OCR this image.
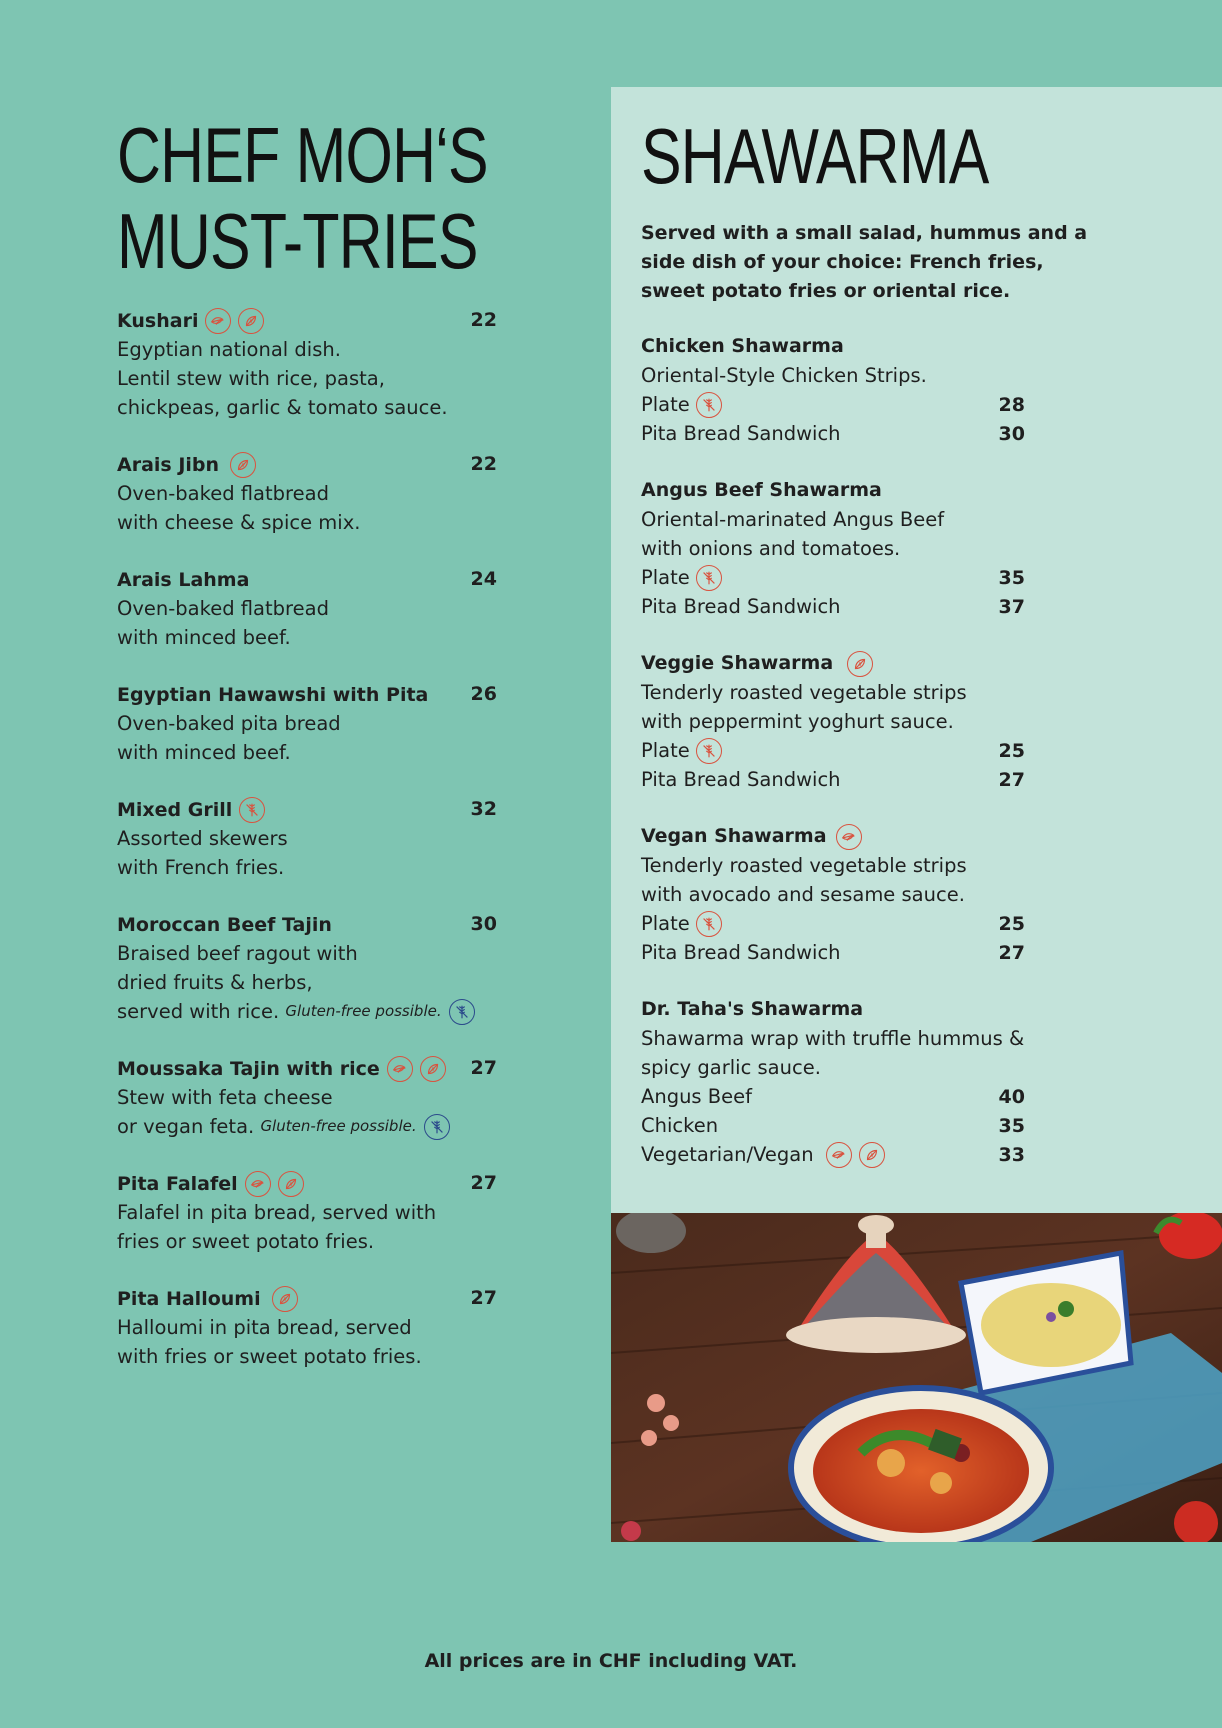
CHEF MOH‘S
MUST-TRIES
Kushari	22
Egyptian national dish.
Lentil stew with rice, pasta,
chickpeas, garlic & tomato sauce.
Arais Jibn	22
Oven-baked flatbread
with cheese & spice mix.
Arais Lahma	24
Oven-baked flatbread
with minced beef.
Egyptian Hawawshi with Pita 26
Oven-baked pita bread
with minced beef.
Mixed Grill	32
Assorted skewers
with French fries.
Moroccan Beef Tajin	30
Braised beef ragout with
dried fruits & herbs,
served with rice.
Gluten-free possible.
Moussaka Tajin with rice	27
Stew with feta cheese
or vegan feta.
Gluten-free possible.
Pita Falafel	27
Falafel in pita bread, served with
fries or sweet potato fries.
Pita Halloumi	27
Halloumi in pita bread, served
with fries or sweet potato fries.
SHAWARMA
Served with a small salad, hummus and a side dish of your choice: French fries, sweet potato fries or oriental rice.
Chicken Shawarma
Oriental-Style Chicken Strips.
Plate	28
Pita Bread Sandwich	30
Angus Beef Shawarma
Oriental-marinated Angus Beef
with onions and tomatoes.
Plate	35
Pita Bread Sandwich	37
Veggie Shawarma
Tenderly roasted vegetable strips
with peppermint yoghurt sauce.
Plate	25
Pita Bread Sandwich	27
Vegan Shawarma
Tenderly roasted vegetable strips
with avocado and sesame sauce.
Plate	25
Pita Bread Sandwich	27
Dr. Taha's Shawarma
Shawarma wrap with truffle hummus &
spicy garlic sauce.
Angus Beef	40
Chicken	35
Vegetarian/Vegan	33
All prices are in CHF including VAT.
